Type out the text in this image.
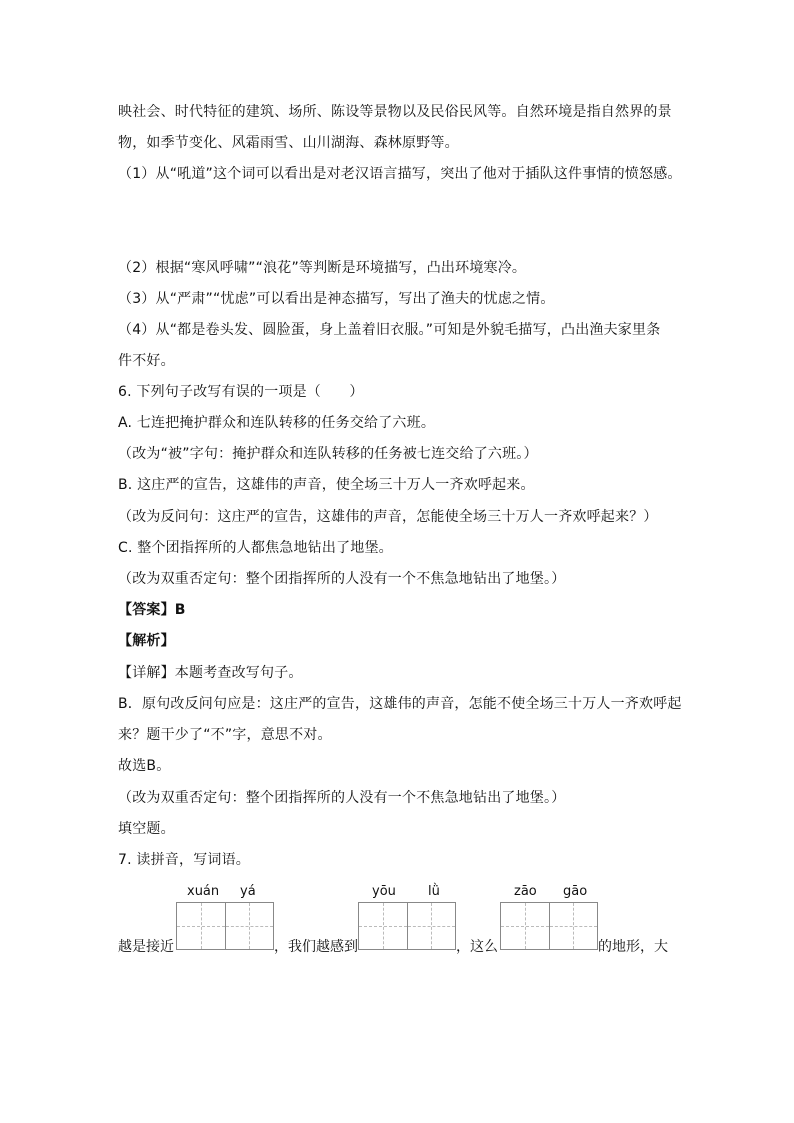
映社会、时代特征的建筑、场所、陈设等景物以及民俗民风等。自然环境是指自然界的景
物，如季节变化、风霜雨雪、山川湖海、森林原野等。
（1）从“吼道”这个词可以看出是对老汉语言描写，突出了他对于插队这件事情的愤怒感。
（2）根据“寒风呼啸”“浪花”等判断是环境描写，凸出环境寒冷。
（3）从“严肃”“忧虑”可以看出是神态描写，写出了渔夫的忧虑之情。
（4）从“都是卷头发、圆脸蛋，身上盖着旧衣服。”可知是外貌毛描写，凸出渔夫家里条
件不好。
6. 下列句子改写有误的一项是（　　）
A. 七连把掩护群众和连队转移的任务交给了六班。
（改为“被”字句：掩护群众和连队转移的任务被七连交给了六班。）
B. 这庄严的宣告，这雄伟的声音，使全场三十万人一齐欢呼起来。
（改为反问句：这庄严的宣告，这雄伟的声音，怎能使全场三十万人一齐欢呼起来？）
C. 整个团指挥所的人都焦急地钻出了地堡。
（改为双重否定句：整个团指挥所的人没有一个不焦急地钻出了地堡。）
【答案】B
【解析】
【详解】本题考查改写句子。
B．原句改反问句应是：这庄严的宣告，这雄伟的声音，怎能不使全场三十万人一齐欢呼起
来？题干少了“不”字，意思不对。
故选B。
（改为双重否定句：整个团指挥所的人没有一个不焦急地钻出了地堡。）
填空题。
7. 读拼音，写词语。
xuán yá	yōu lǜ	zāo gāo
越是接近	，我们越感到	，这么	的地形，大
